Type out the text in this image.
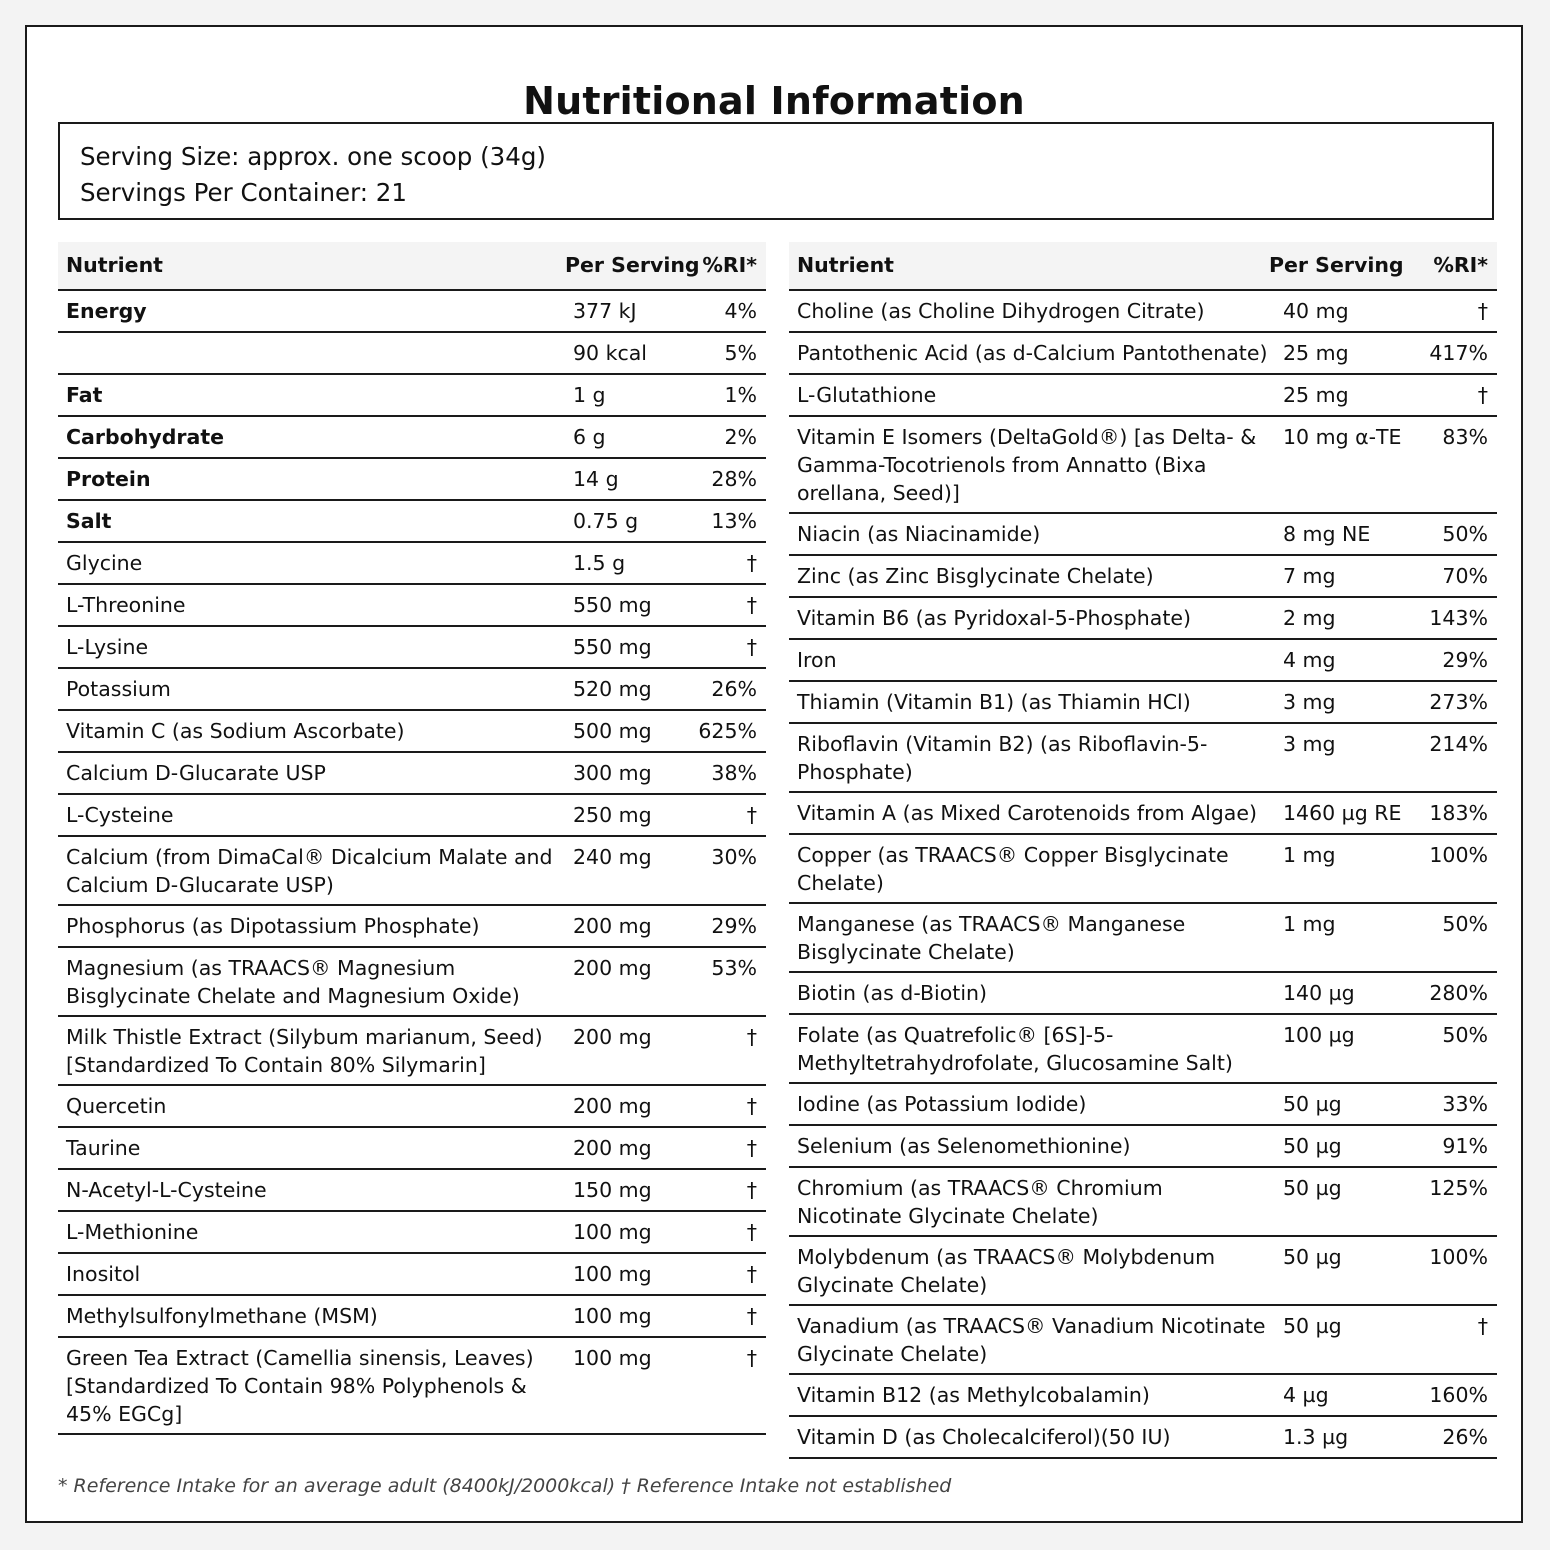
Nutritional Information
Serving Size: approx. one scoop (34g)
Servings Per Container: 21
Nutrient	Per Serving %RI*
Energy	377 kJ	4%
90 kcal	5%
Fat	1 g	1%
Carbohydrate	6 g	2%
Protein	14 g	28%
Salt	0.75 g	13%
Glycine	1.5 g	†
L-Threonine	550 mg	†
L-Lysine	550 mg	†
Potassium	520 mg	26%
Vitamin C (as Sodium Ascorbate)	500 mg	625%
Calcium D-Glucarate USP	300 mg	38%
L-Cysteine	250 mg	†
Calcium (from DimaCal® Dicalcium Malate and Calcium D-Glucarate USP)
240 mg	30%
Phosphorus (as Dipotassium Phosphate)	200 mg	29%
Magnesium (as TRAACS® Magnesium Bisglycinate Chelate and Magnesium Oxide)
200 mg	53%
Milk Thistle Extract (Silybum marianum, Seed) [Standardized To Contain 80% Silymarin]
200 mg	†
Quercetin	200 mg	†
Taurine	200 mg	†
N-Acetyl-L-Cysteine	150 mg	†
L-Methionine	100 mg	†
Inositol	100 mg	†
Methylsulfonylmethane (MSM)	100 mg	†
Green Tea Extract (Camellia sinensis, Leaves) [Standardized To Contain 98% Polyphenols & 45% EGCg]
100 mg	†
Nutrient	Per Serving	%RI*
Choline (as Choline Dihydrogen Citrate)	40 mg	†
Pantothenic Acid (as d-Calcium Pantothenate) 25 mg	417%
L-Glutathione	25 mg	†
Vitamin E Isomers (DeltaGold®) [as Delta- & Gamma-Tocotrienols from Annatto (Bixa orellana, Seed)]
10 mg α-TE	83%
Niacin (as Niacinamide)	8 mg NE	50%
Zinc (as Zinc Bisglycinate Chelate)	7 mg	70%
Vitamin B6 (as Pyridoxal-5-Phosphate)	2 mg	143%
Iron	4 mg	29%
Thiamin (Vitamin B1) (as Thiamin HCl)	3 mg	273%
Riboflavin (Vitamin B2) (as Riboflavin-5-Phosphate)
3 mg	214%
Vitamin A (as Mixed Carotenoids from Algae)	1460 µg RE	183%
Copper (as TRAACS® Copper Bisglycinate Chelate)
1 mg	100%
Manganese (as TRAACS® Manganese Bisglycinate Chelate)
1 mg	50%
Biotin (as d-Biotin)	140 µg	280%
Folate (as Quatrefolic® [6S]-5-Methyltetrahydrofolate, Glucosamine Salt)
100 µg	50%
Iodine (as Potassium Iodide)	50 µg	33%
Selenium (as Selenomethionine)	50 µg	91%
Chromium (as TRAACS® Chromium Nicotinate Glycinate Chelate)
50 µg	125%
Molybdenum (as TRAACS® Molybdenum Glycinate Chelate)
50 µg	100%
Vanadium (as TRAACS® Vanadium Nicotinate Glycinate Chelate)
50 µg	†
Vitamin B12 (as Methylcobalamin)	4 µg	160%
Vitamin D (as Cholecalciferol)(50 IU)	1.3 µg	26%
* Reference Intake for an average adult (8400kJ/2000kcal) † Reference Intake not established
